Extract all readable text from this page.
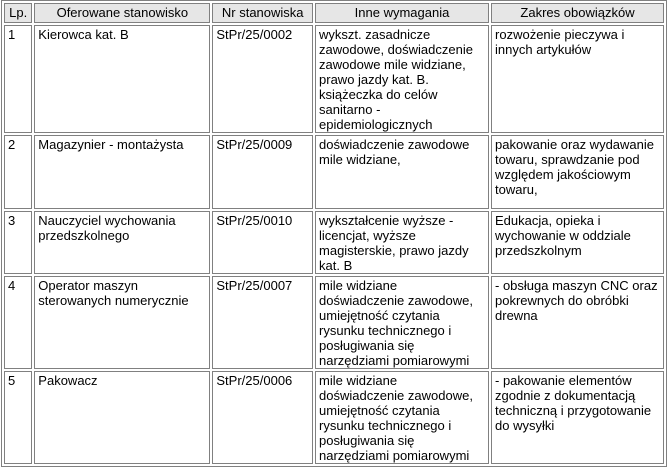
Lp.	Oferowane stanowisko	Nr stanowiska	Inne wymagania	Zakres obowiązków
1	Kierowca kat. B	StPr/25/0002	wykszt. zasadnicze zawodowe, doświadczenie zawodowe mile widziane, prawo jazdy kat. B. książeczka do celów sanitarno - epidemiologicznych	rozwożenie pieczywa i innych artykułów
2	Magazynier - montażysta	StPr/25/0009	doświadczenie zawodowe mile widziane,	pakowanie oraz wydawanie towaru, sprawdzanie pod względem jakościowym towaru,
3	Nauczyciel wychowania przedszkolnego	StPr/25/0010	wykształcenie wyższe - licencjat, wyższe magisterskie, prawo jazdy kat. B	Edukacja, opieka i wychowanie w oddziale przedszkolnym
4	Operator maszyn sterowanych numerycznie	StPr/25/0007	mile widziane doświadczenie zawodowe, umiejętność czytania rysunku technicznego i posługiwania się narzędziami pomiarowymi	- obsługa maszyn CNC oraz pokrewnych do obróbki drewna
5	Pakowacz	StPr/25/0006	mile widziane doświadczenie zawodowe,   umiejętność czytania rysunku technicznego i posługiwania się narzędziami pomiarowymi	- pakowanie elementów zgodnie z dokumentacją techniczną i przygotowanie do wysyłki
